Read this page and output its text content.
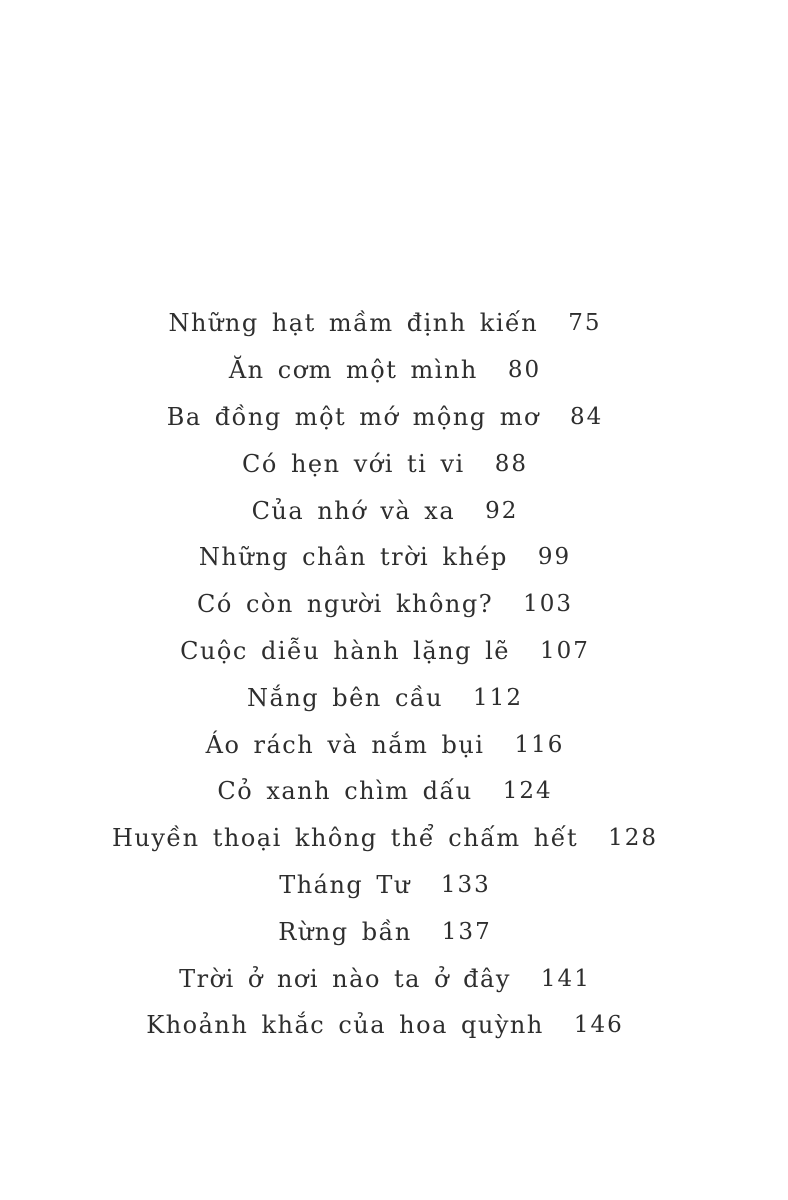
Những hạt mầm định kiến 75
Ăn cơm một mình 80
Ba đồng một mớ mộng mơ 84
Có hẹn với ti vi 88
Của nhớ và xa 92
Những chân trời khép 99
Có còn người không? 103
Cuộc diễu hành lặng lẽ 107
Nắng bên cầu 112
Áo rách và nắm bụi 116
Cỏ xanh chìm dấu 124
Huyền thoại không thể chấm hết 128
Tháng Tư 133
Rừng bần 137
Trời ở nơi nào ta ở đây 141
Khoảnh khắc của hoa quỳnh 146
